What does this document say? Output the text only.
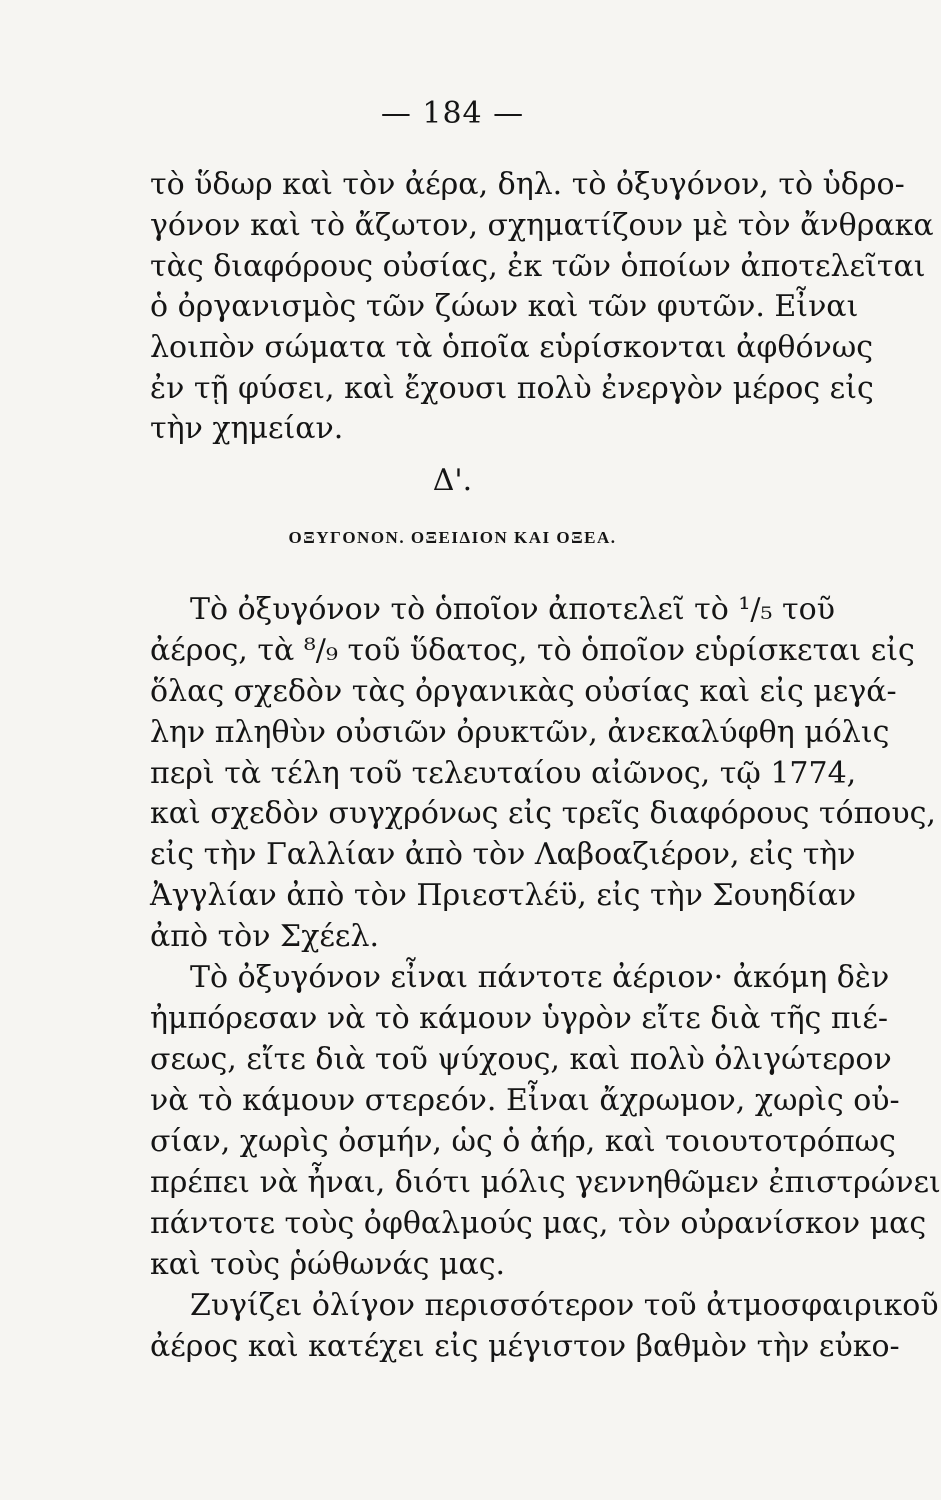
— 184 —
τὸ ὕδωρ καὶ τὸν ἀέρα, δηλ. τὸ ὀξυγόνον, τὸ ὑδρο-
γόνον καὶ τὸ ἄζωτον, σχηματίζουν μὲ τὸν ἄνθρακα
τὰς διαφόρους οὐσίας, ἐκ τῶν ὁποίων ἀποτελεῖται
ὁ ὀργανισμὸς τῶν ζώων καὶ τῶν φυτῶν. Εἶναι
λοιπὸν σώματα τὰ ὁποῖα εὑρίσκονται ἀφθόνως
ἐν τῇ φύσει, καὶ ἔχουσι πολὺ ἐνεργὸν μέρος εἰς
τὴν χημείαν.
Δ'.
ΟΞΥΓΟΝΟΝ. ΟΞΕΙΔΙΟΝ ΚΑΙ ΟΞΕΑ.
Τὸ ὀξυγόνον τὸ ὁποῖον ἀποτελεῖ τὸ ¹/₅ τοῦ
ἀέρος, τὰ ⁸/₉ τοῦ ὕδατος, τὸ ὁποῖον εὑρίσκεται εἰς
ὅλας σχεδὸν τὰς ὀργανικὰς οὐσίας καὶ εἰς μεγά-
λην πληθὺν οὐσιῶν ὀρυκτῶν, ἀνεκαλύφθη μόλις
περὶ τὰ τέλη τοῦ τελευταίου αἰῶνος, τῷ 1774,
καὶ σχεδὸν συγχρόνως εἰς τρεῖς διαφόρους τόπους,
εἰς τὴν Γαλλίαν ἀπὸ τὸν Λαβοαζιέρον, εἰς τὴν
Ἀγγλίαν ἀπὸ τὸν Πριεστλέϋ, εἰς τὴν Σουηδίαν
ἀπὸ τὸν Σχέελ.
Τὸ ὀξυγόνον εἶναι πάντοτε ἀέριον· ἀκόμη δὲν
ἠμπόρεσαν νὰ τὸ κάμουν ὑγρὸν εἴτε διὰ τῆς πιέ-
σεως, εἴτε διὰ τοῦ ψύχους, καὶ πολὺ ὀλιγώτερον
νὰ τὸ κάμουν στερεόν. Εἶναι ἄχρωμον, χωρὶς οὐ-
σίαν, χωρὶς ὀσμήν, ὡς ὁ ἀήρ, καὶ τοιουτοτρόπως
πρέπει νὰ ἦναι, διότι μόλις γεννηθῶμεν ἐπιστρώνει
πάντοτε τοὺς ὀφθαλμούς μας, τὸν οὐρανίσκον μας
καὶ τοὺς ῥώθωνάς μας.
Ζυγίζει ὀλίγον περισσότερον τοῦ ἀτμοσφαιρικοῦ
ἀέρος καὶ κατέχει εἰς μέγιστον βαθμὸν τὴν εὐκο-
